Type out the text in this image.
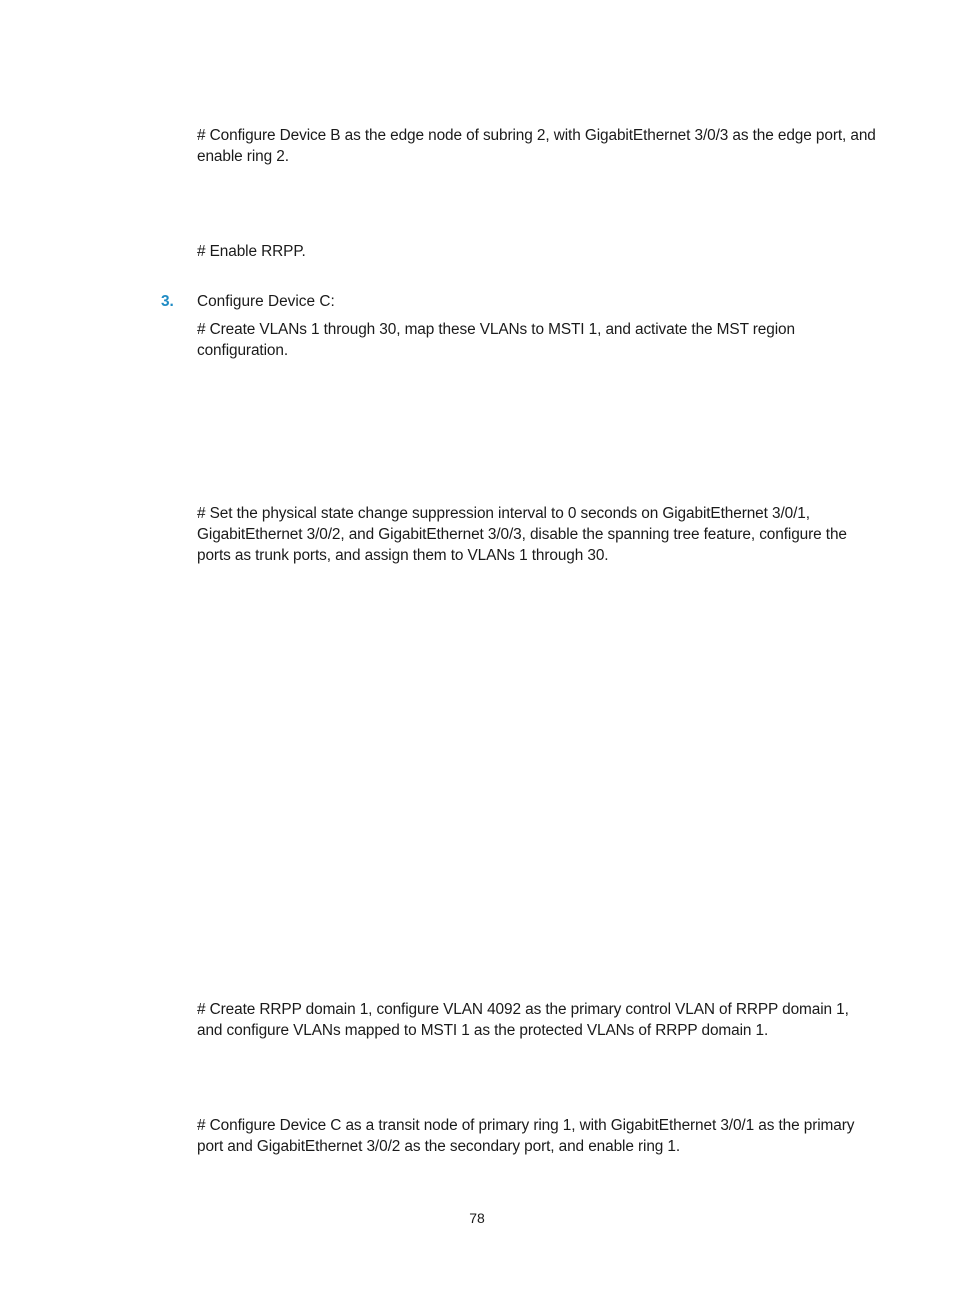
# Configure Device B as the edge node of subring 2, with GigabitEthernet 3/0/3 as the edge port, and enable ring 2.

# Enable RRPP.

3. Configure Device C:

# Create VLANs 1 through 30, map these VLANs to MSTI 1, and activate the MST region configuration.

# Set the physical state change suppression interval to 0 seconds on GigabitEthernet 3/0/1, GigabitEthernet 3/0/2, and GigabitEthernet 3/0/3, disable the spanning tree feature, configure the ports as trunk ports, and assign them to VLANs 1 through 30.

# Create RRPP domain 1, configure VLAN 4092 as the primary control VLAN of RRPP domain 1, and configure VLANs mapped to MSTI 1 as the protected VLANs of RRPP domain 1.

# Configure Device C as a transit node of primary ring 1, with GigabitEthernet 3/0/1 as the primary port and GigabitEthernet 3/0/2 as the secondary port, and enable ring 1.

78
